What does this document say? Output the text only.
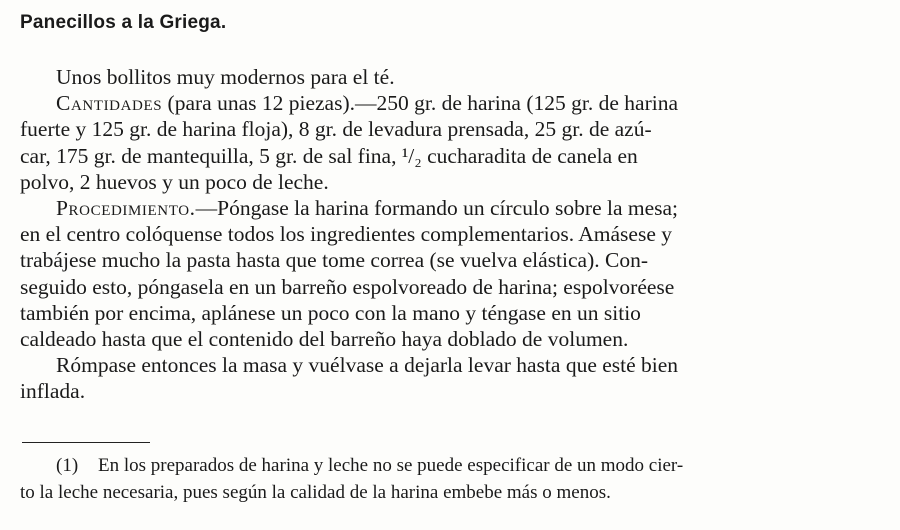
Panecillos a la Griega.
Unos bollitos muy modernos para el té.
Cantidades (para unas 12 piezas).—250 gr. de harina (125 gr. de harina
fuerte y 125 gr. de harina floja), 8 gr. de levadura prensada, 25 gr. de azú-
car, 175 gr. de mantequilla, 5 gr. de sal fina, ¹/₂ cucharadita de canela en
polvo, 2 huevos y un poco de leche.
Procedimiento.—Póngase la harina formando un círculo sobre la mesa;
en el centro colóquense todos los ingredientes complementarios. Amásese y
trabájese mucho la pasta hasta que tome correa (se vuelva elástica). Con-
seguido esto, póngasela en un barreño espolvoreado de harina; espolvoréese
también por encima, aplánese un poco con la mano y téngase en un sitio
caldeado hasta que el contenido del barreño haya doblado de volumen.
Rómpase entonces la masa y vuélvase a dejarla levar hasta que esté bien
inflada.
(1) En los preparados de harina y leche no se puede especificar de un modo cier-
to la leche necesaria, pues según la calidad de la harina embebe más o menos.
